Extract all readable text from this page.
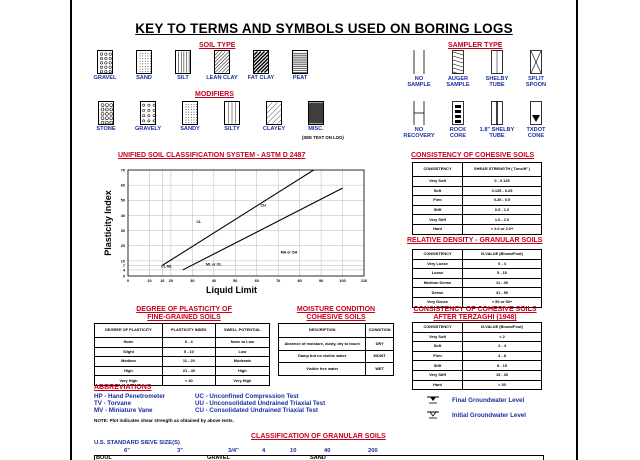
KEY TO TERMS AND SYMBOLS USED ON BORING LOGS
SOIL TYPE
GRAVEL	SAND	SILT	LEAN CLAY	FAT CLAY	PEAT
MODIFIERS
STONE	GRAVELY	SANDY	SILTY	CLAYEY	MISC.
(SEE TEXT ON LOG)
SAMPLER TYPE
NO
SAMPLE
AUGER
SAMPLE
SHELBY
TUBE
SPLIT
SPOON
NO
RECOVERY
ROCK
CORE
1.8" SHELBY
TUBE
TXDOT
CONE
UNIFIED SOIL CLASSIFICATION SYSTEM - ASTM D 2487
0	10 16 20	30	40	50	60	70	80	90	100	110
0
4
7
10
20
30
40
50
60
70
CL
CH
CL-ML
ML or OL
MH or OH
Liquid Limit
Plasticity Index
CONSISTENCY OF COHESIVE SOILS
CONSISTENCY	SHEAR STRENGTH ( Tons/ft² )
Very Soft	0 - 0.125
Soft	0.125 - 0.25
Firm	0.25 - 0.5
Stiff	0.5 - 1.0
Very Stiff	1.0 - 2.0
Hard	> 2.0 or 2.0+
RELATIVE DENSITY - GRANULAR SOILS
CONSISTENCY	N-VALUE (Blows/Foot)
Very Loose	0 - 4
Loose	5 - 10
Medium Dense	11 - 30
Dense	31 - 50
Very Dense	> 50 or 50+
DEGREE OF PLASTICITY OF
FINE-GRAINED SOILS
DEGREE OF PLASTICITY	PLASTICITY INDEX	SWELL POTENTIAL
None	0 - 4	None to Low
Slight	5 - 10	Low
Medium	11 - 20	Moderate
High	21 - 40	High
Very High	> 40	Very High
MOISTURE CONDITION
COHESIVE SOILS
DESCRIPTION	CONDITION
Absence of moisture, dusty, dry to touch	DRY
Damp but no visible water	MOIST
Visible free water	WET
CONSISTENCY OF COHESIVE SOILS
AFTER TERZAGHI (1948)
CONSISTENCY	N-VALUE (Blows/Foot)
Very Soft	< 2
Soft	2 - 4
Firm	4 - 8
Stiff	8 - 15
Very Stiff	15 - 30
Hard	> 30
ABBREVIATIONS
HP - Hand Penetrometer
TV - Torvane
MV - Miniature Vane
UC - Unconfined Compression Test
UU - Unconsolidated Undrained Triaxial Test
CU - Consolidated Undrained Triaxial Test
NOTE: Plot indicates shear strength as obtained by above tests.
Final Groundwater Level
Initial Groundwater Level
CLASSIFICATION OF GRANULAR SOILS
U.S. STANDARD SIEVE SIZE(S)
6"	3"	3/4"	4	10	40	200
BOUL	GRAVEL	SAND
